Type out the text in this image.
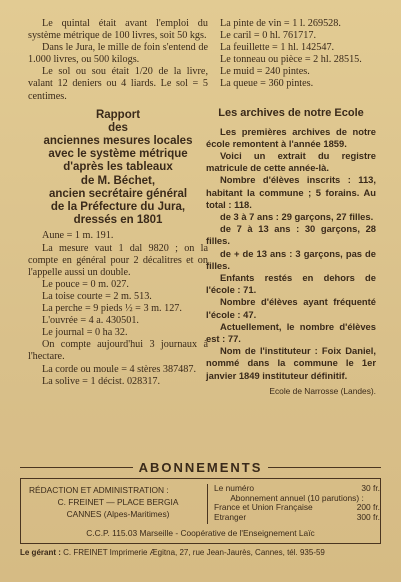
Le quintal était avant l'emploi du système métrique de 100 livres, soit 50 kgs.

Dans le Jura, le mille de foin s'entend de 1.000 livres, ou 500 kilogs.

Le sol ou sou était 1/20 de la livre, valant 12 deniers ou 4 liards. Le sol = 5 centimes.

Rapport
des
anciennes mesures locales
avec le système métrique
d'après les tableaux
de M. Béchet,
ancien secrétaire général
de la Préfecture du Jura,
dressés en 1801

Aune = 1 m. 191.

La mesure vaut 1 dal 9820 ; on la compte en général pour 2 décalitres et on l'appelle aussi un double.

Le pouce = 0 m. 027.

La toise courte = 2 m. 513.

La perche = 9 pieds ½ = 3 m. 127.

L'ouvrée = 4 a. 430501.

Le journal = 0 ha 32.

On compte aujourd'hui 3 journaux à l'hectare.

La corde ou moule = 4 stères 387487.

La solive = 1 décist. 028317.

La pinte de vin = 1 l. 269528.

Le caril = 0 hl. 761717.

La feuillette = 1 hl. 142547.

Le tonneau ou pièce = 2 hl. 28515.

Le muid = 240 pintes.

La queue = 360 pintes.

Les archives de notre Ecole

Les premières archives de notre école remontent à l'année 1859.

Voici un extrait du registre matricule de cette année-là.

Nombre d'élèves inscrits : 113, habitant la commune ; 5 forains. Au total : 118.

de 3 à 7 ans : 29 garçons, 27 filles.

de 7 à 13 ans : 30 garçons, 28 filles.

de + de 13 ans : 3 garçons, pas de filles.

Enfants restés en dehors de l'école : 71.

Nombre d'élèves ayant fréquenté l'école : 47.

Actuellement, le nombre d'élèves est : 77.

Nom de l'instituteur : Foix Daniel, nommé dans la commune le 1er janvier 1849 instituteur définitif.

Ecole de Narrosse (Landes).
ABONNEMENTS
RÉDACTION ET ADMINISTRATION :
C. FREINET — PLACE BERGIA
CANNES (Alpes-Maritimes)
Le numéro	30 fr.
Abonnement annuel (10 parutions) :
France et Union Française	200 fr.
Etranger	300 fr.
C.C.P. 115.03 Marseille - Coopérative de l'Enseignement Laïc
Le gérant : C. FREINET Imprimerie Ægitna, 27, rue Jean-Jaurès, Cannes, tél. 935-59
